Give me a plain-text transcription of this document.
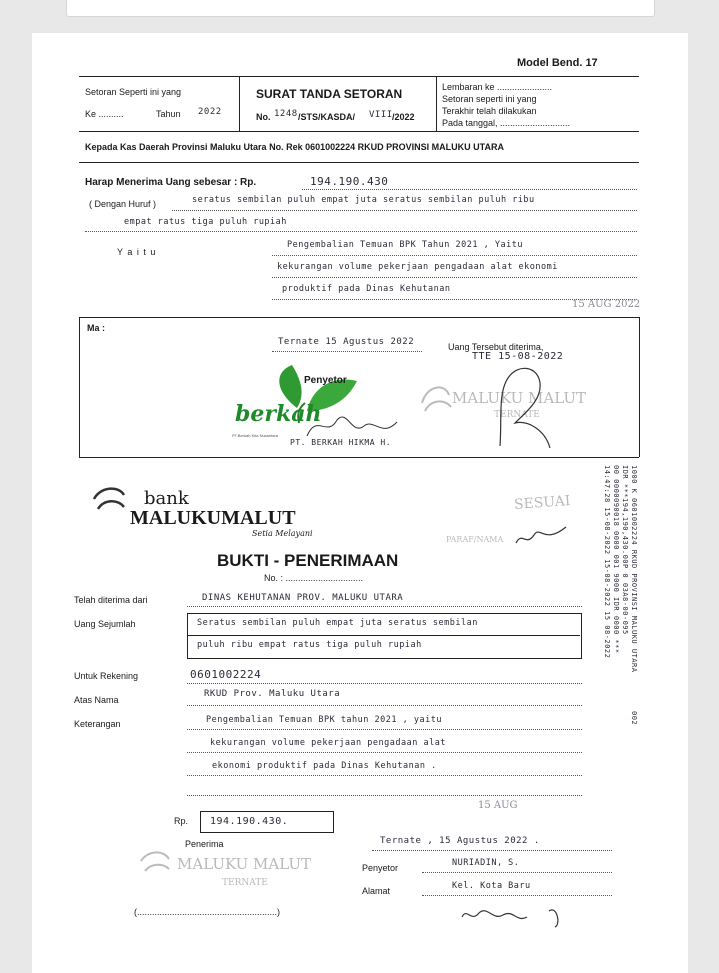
Model Bend. 17
Setoran Seperti ini yang
Ke ..........	Tahun 2022
SURAT TANDA SETORAN
No. 1248 /STS/KASDA/ VIII /2022
Lembaran ke ......................
Setoran seperti ini yang
Terakhir telah dilakukan
Pada tanggal, ............................
Kepada Kas Daerah Provinsi Maluku Utara No. Rek 0601002224 RKUD PROVINSI MALUKU UTARA
Harap Menerima Uang sebesar : Rp.	194.190.430
( Dengan Huruf )	seratus sembilan puluh empat juta seratus sembilan puluh ribu
empat ratus tiga puluh rupiah
Y a i t u
Pengembalian Temuan BPK Tahun 2021 , Yaitu
kekurangan volume pekerjaan pengadaan alat ekonomi
produktif pada Dinas Kehutanan
15 AUG 2022
Ma :
Ternate 15 Agustus 2022	Uang Tersebut diterima,
TTE 15-08-2022
Penyetor
berkah
PT.Berkah Kita Nusantara
PT. BERKAH HIKMA H.
MALUKU MALUT
TERNATE
1000 K 0601002224 RKUD PROVINSI MALUKU UTARA
IDR ***194,190,430.00P 0 03A8-00-095
00 0000090018 0000 001 9000 IDR 0000 ***
14:47:28 15-08-2022 15-08-2022 15 08-2022
002
bank
MALUKUMALUT
Setia Melayani
SESUAI
PARAF/NAMA
BUKTI - PENERIMAAN
No. : ...............................
Telah diterima dari	DINAS KEHUTANAN PROV. MALUKU UTARA
Uang Sejumlah	Seratus sembilan puluh empat juta seratus sembilan
puluh ribu empat ratus tiga puluh rupiah
Untuk Rekening	0601002224
Atas Nama
RKUD Prov. Maluku Utara
Keterangan	Pengembalian Temuan BPK tahun 2021 , yaitu
kekurangan volume pekerjaan pengadaan alat
ekonomi produktif pada Dinas Kehutanan .
15 AUG
Rp. 194.190.430.
Penerima	Ternate , 15 Agustus 2022 .
MALUKU MALUT
TERNATE
Penyetor	NURIADIN, S.
Alamat	Kel. Kota Baru
(........................................................)
